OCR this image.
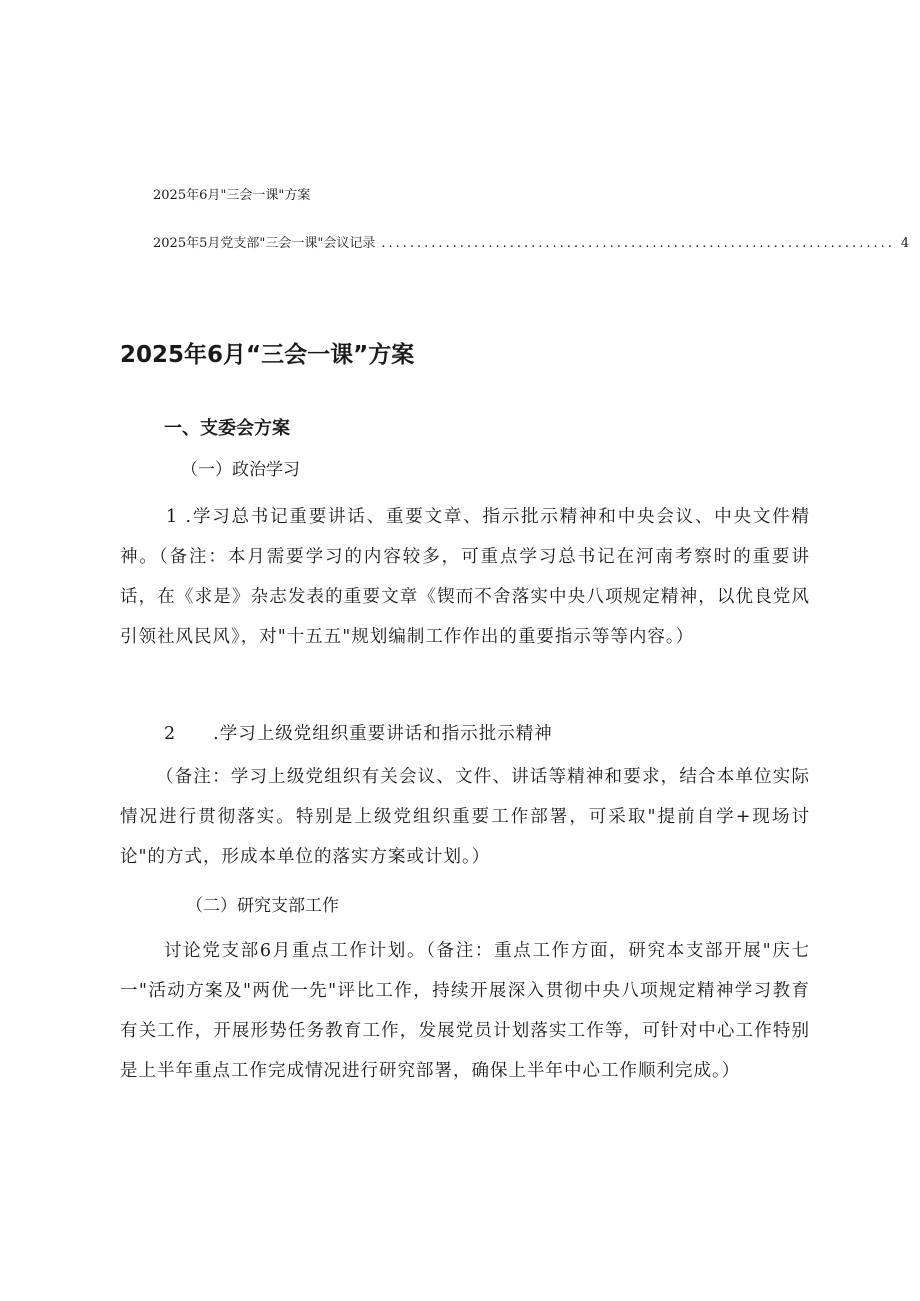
2025年6月"三会一课"方案
2025年5月党支部"三会一课"会议记录 ........................................................................ 4
2025年6月“三会一课”方案
一、支委会方案
（一）政治学习
1 .学习总书记重要讲话、重要文章、指示批示精神和中央会议、中央文件精神。（备注：本月需要学习的内容较多，可重点学习总书记在河南考察时的重要讲话，在《求是》杂志发表的重要文章《锲而不舍落实中央八项规定精神，以优良党风引领社风民风》，对"十五五"规划编制工作作出的重要指示等等内容。）
2　　.学习上级党组织重要讲话和指示批示精神
（备注：学习上级党组织有关会议、文件、讲话等精神和要求，结合本单位实际情况进行贯彻落实。特别是上级党组织重要工作部署，可采取"提前自学+现场讨论"的方式，形成本单位的落实方案或计划。）
（二）研究支部工作
讨论党支部6月重点工作计划。（备注：重点工作方面，研究本支部开展"庆七一"活动方案及"两优一先"评比工作，持续开展深入贯彻中央八项规定精神学习教育有关工作，开展形势任务教育工作，发展党员计划落实工作等，可针对中心工作特别是上半年重点工作完成情况进行研究部署，确保上半年中心工作顺利完成。）
